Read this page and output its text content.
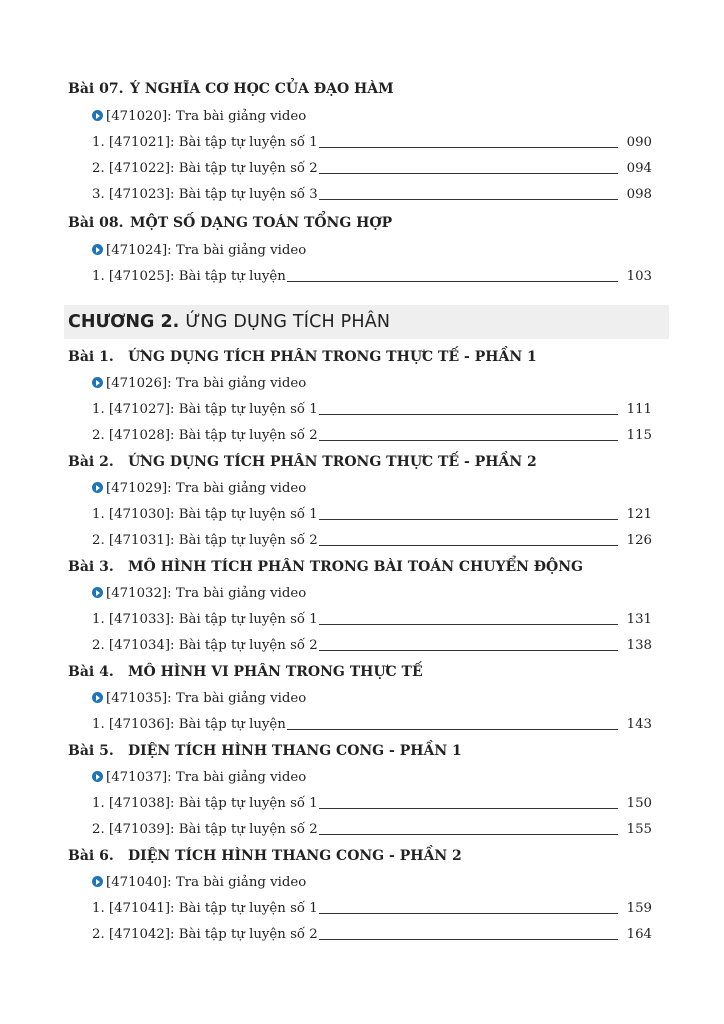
Bài 07. Ý NGHĨA CƠ HỌC CỦA ĐẠO HÀM
[471020]: Tra bài giảng video
1. [471021]: Bài tập tự luyện số 1	090
2. [471022]: Bài tập tự luyện số 2	094
3. [471023]: Bài tập tự luyện số 3	098
Bài 08. MỘT SỐ DẠNG TOÁN TỔNG HỢP
[471024]: Tra bài giảng video
1. [471025]: Bài tập tự luyện	103
CHƯƠNG 2. ỨNG DỤNG TÍCH PHÂN
Bài 1. ỨNG DỤNG TÍCH PHÂN TRONG THỰC TẾ - PHẦN 1
[471026]: Tra bài giảng video
1. [471027]: Bài tập tự luyện số 1	111
2. [471028]: Bài tập tự luyện số 2	115
Bài 2. ỨNG DỤNG TÍCH PHÂN TRONG THỰC TẾ - PHẦN 2
[471029]: Tra bài giảng video
1. [471030]: Bài tập tự luyện số 1	121
2. [471031]: Bài tập tự luyện số 2	126
Bài 3. MÔ HÌNH TÍCH PHÂN TRONG BÀI TOÁN CHUYỂN ĐỘNG
[471032]: Tra bài giảng video
1. [471033]: Bài tập tự luyện số 1	131
2. [471034]: Bài tập tự luyện số 2	138
Bài 4. MÔ HÌNH VI PHÂN TRONG THỰC TẾ
[471035]: Tra bài giảng video
1. [471036]: Bài tập tự luyện	143
Bài 5. DIỆN TÍCH HÌNH THANG CONG - PHẦN 1
[471037]: Tra bài giảng video
1. [471038]: Bài tập tự luyện số 1	150
2. [471039]: Bài tập tự luyện số 2	155
Bài 6. DIỆN TÍCH HÌNH THANG CONG - PHẦN 2
[471040]: Tra bài giảng video
1. [471041]: Bài tập tự luyện số 1	159
2. [471042]: Bài tập tự luyện số 2	164
